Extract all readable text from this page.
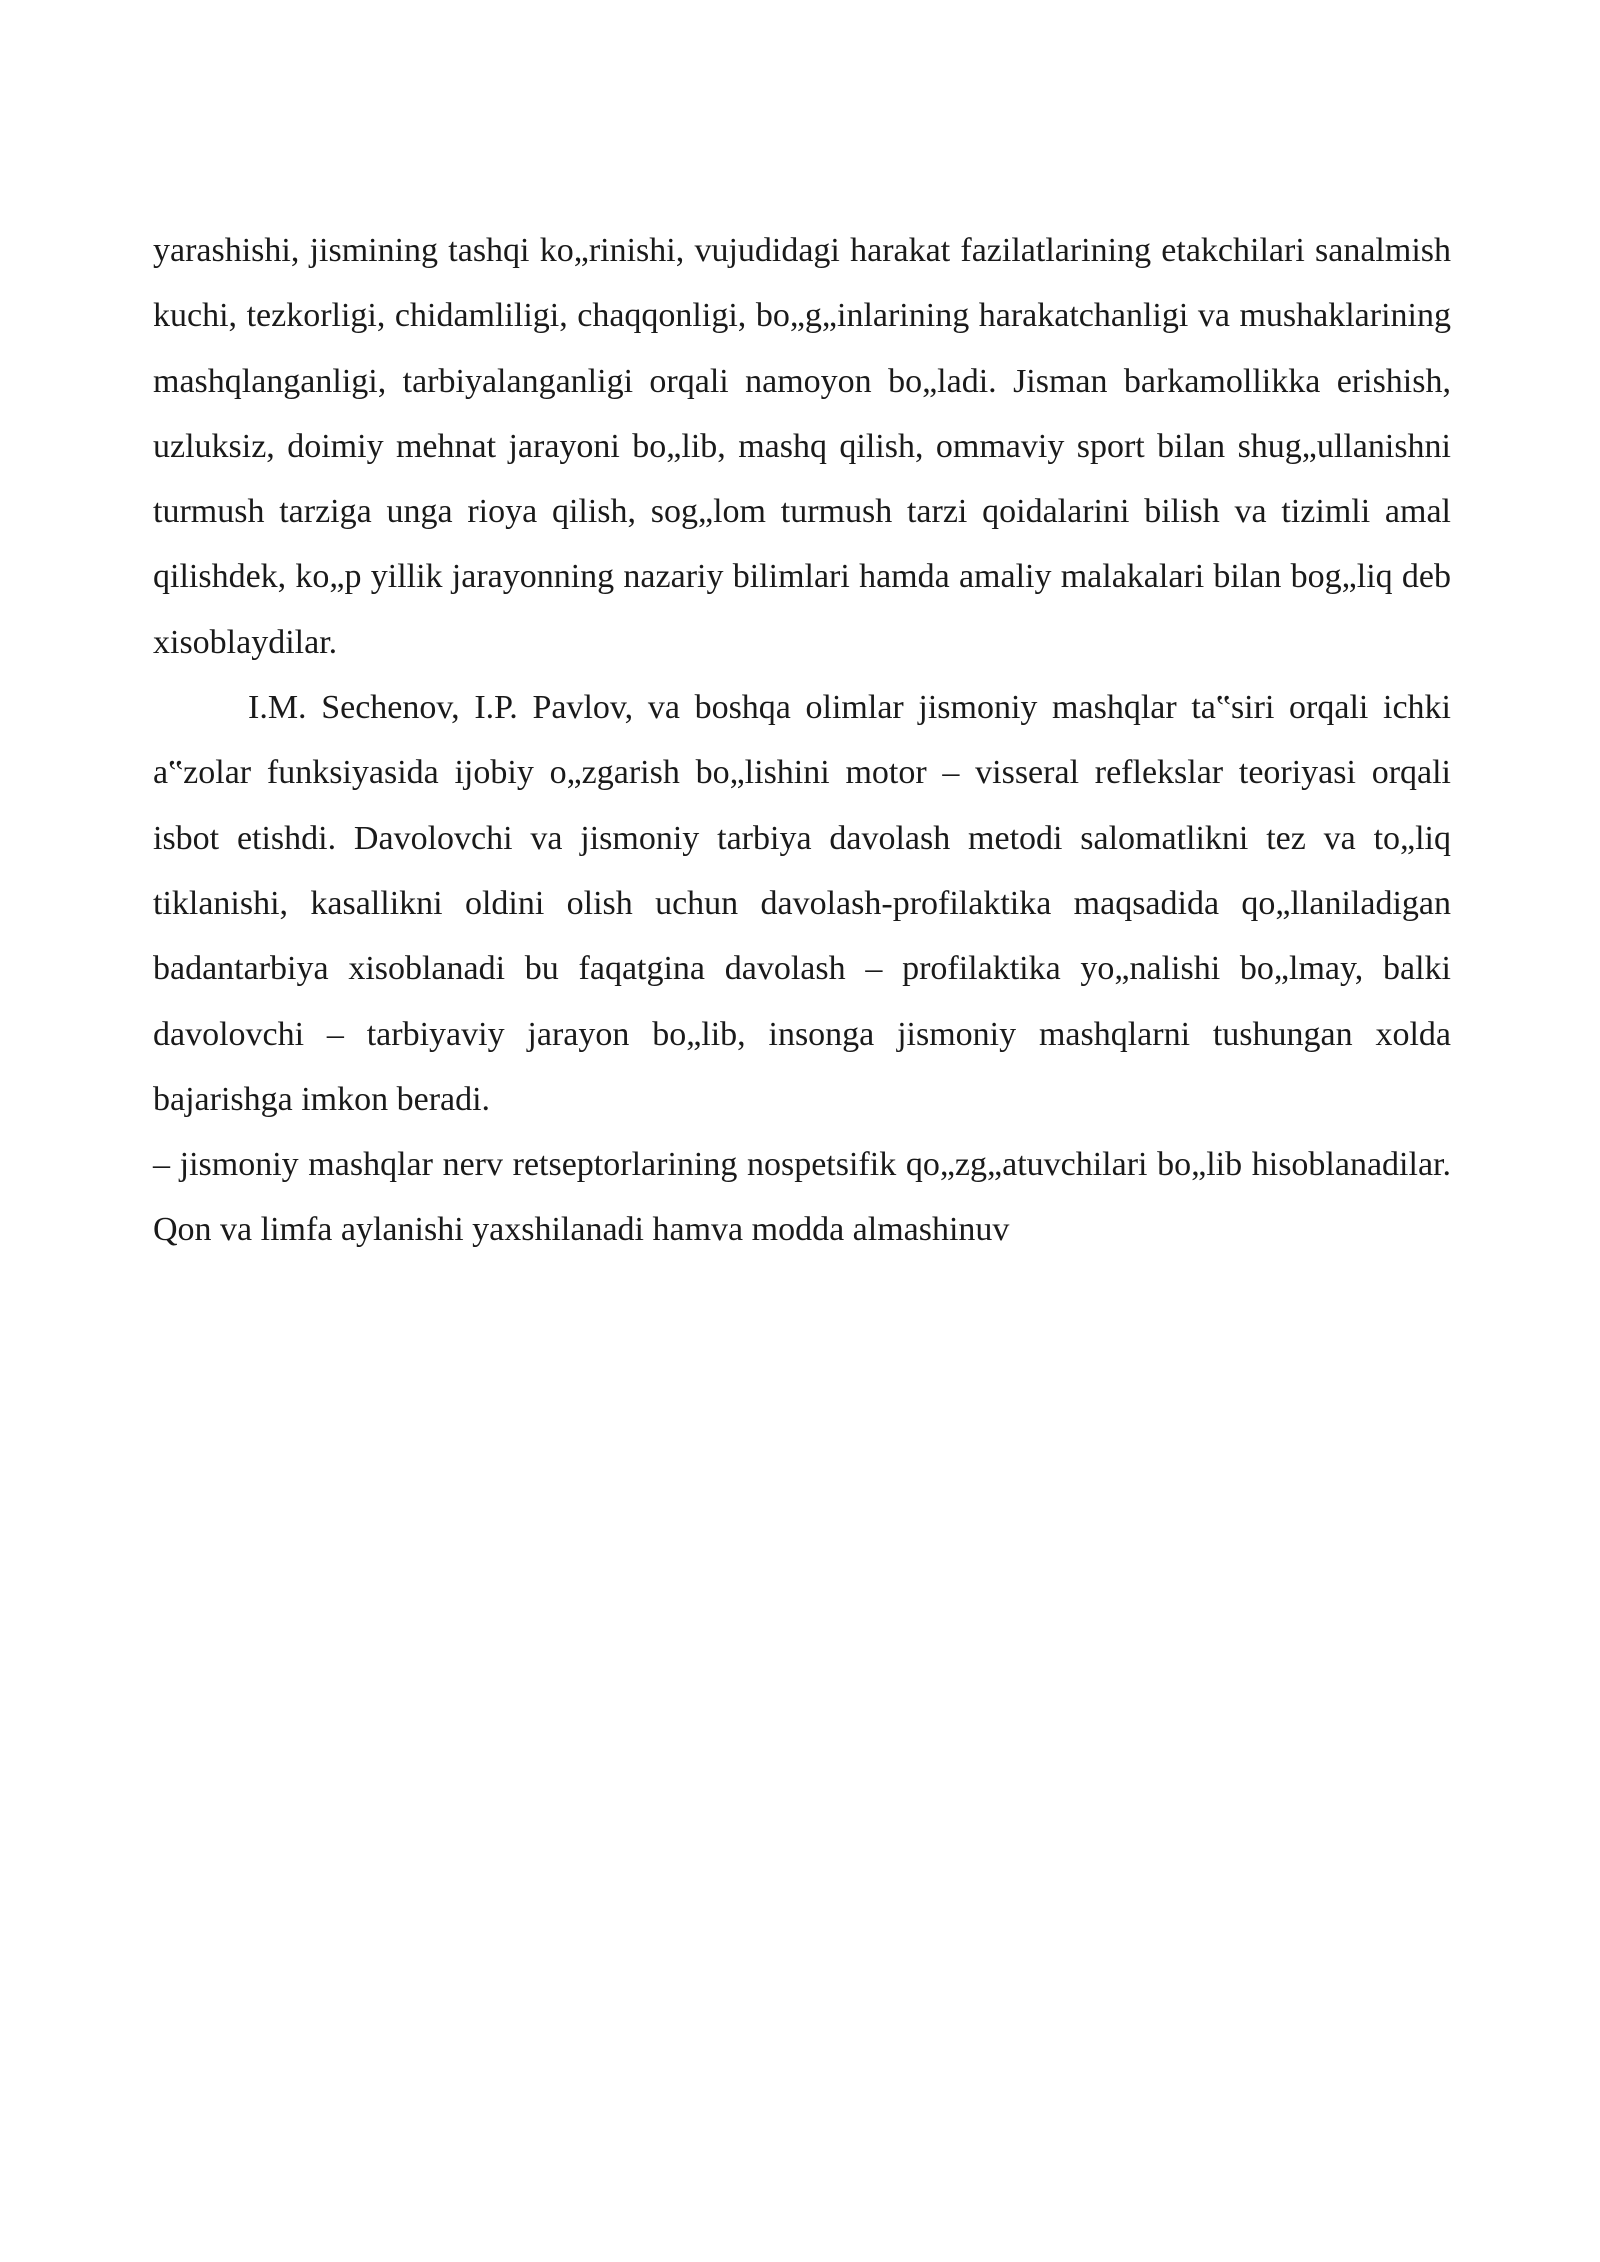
yarashishi, jismining tashqi ko„rinishi, vujudidagi harakat fazilatlarining etakchilari sanalmish kuchi, tezkorligi, chidamliligi, chaqqonligi, bo„g„inlarining harakatchanligi va mushaklarining mashqlanganligi, tarbiyalanganligi orqali namoyon bo„ladi. Jisman barkamollikka erishish, uzluksiz, doimiy mehnat jarayoni bo„lib, mashq qilish, ommaviy sport bilan shug„ullanishni turmush tarziga unga rioya qilish, sog„lom turmush tarzi qoidalarini bilish va tizimli amal qilishdek, ko„p yillik jarayonning nazariy bilimlari hamda amaliy malakalari bilan bog„liq deb xisoblaydilar.

I.M. Sechenov, I.P. Pavlov, va boshqa olimlar jismoniy mashqlar ta‟siri orqali ichki a‟zolar funksiyasida ijobiy o„zgarish bo„lishini motor – visseral reflekslar teoriyasi orqali isbot etishdi. Davolovchi va jismoniy tarbiya davolash metodi salomatlikni tez va to„liq tiklanishi, kasallikni oldini olish uchun davolash-profilaktika maqsadida qo„llaniladigan badantarbiya xisoblanadi bu faqatgina davolash – profilaktika yo„nalishi bo„lmay, balki davolovchi – tarbiyaviy jarayon bo„lib, insonga jismoniy mashqlarni tushungan xolda bajarishga imkon beradi.

– jismoniy mashqlar nerv retseptorlarining nospetsifik qo„zg„atuvchilari bo„lib hisoblanadilar. Qon va limfa aylanishi yaxshilanadi hamva modda almashinuv
